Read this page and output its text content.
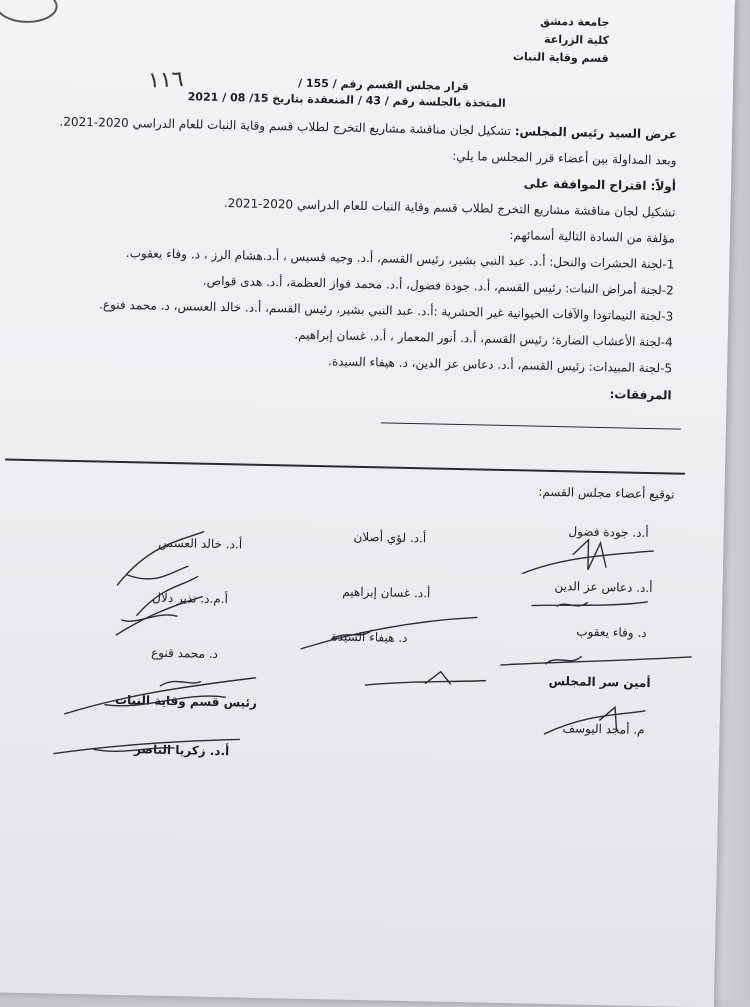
جامعة دمشق
كلية الزراعة
قسم وقاية النبات
قرار مجلس القسم رقم / 155 /
المتخذة بالجلسة رقم / 43 / المنعقدة بتاريخ 15/ 08 / 2021
١١٦
عرض السيد رئيس المجلس: تشكيل لجان مناقشة مشاريع التخرج لطلاب قسم وقاية النبات للعام الدراسي 2020-2021.
وبعد المداولة بين أعضاء قرر المجلس ما يلي:
أولاً: اقتراح الموافقة على
تشكيل لجان مناقشة مشاريع التخرج لطلاب قسم وقاية النبات للعام الدراسي 2020-2021.
مؤلفة من السادة التالية أسمائهم:
1-لجنة الحشرات والنحل: أ.د. عبد النبي بشير، رئيس القسم، أ.د. وجيه قسيس ، أ.د.هشام الرز ، د. وفاء يعقوب.
2-لجنة أمراض النبات: رئيس القسم، أ.د. جودة فضول، أ.د. محمد فواز العظمة، أ.د. هدى قواص.
3-لجنة النيماتودا والآفات الحيوانية غير الحشرية :أ.د. عبد النبي بشير، رئيس القسم، أ.د. خالد العسس، د. محمد فنوع.
4-لجنة الأعشاب الضارة: رئيس القسم، أ.د. أنور المعمار ، أ.د. غسان إبراهيم.
5-لجنة المبيدات: رئيس القسم، أ.د. دعاس عز الدين، د. هيفاء السيدة.
المرفقات:
توقيع أعضاء مجلس القسم:
أ.د. جودة فضول
أ.د. لؤي أصلان
أ.د. خالد العسس
أ.د. دعاس عز الدين
أ.د. غسان إبراهيم
أ.م.د. نذير دلال
د. وفاء يعقوب
د. هيفاء السيدة
د. محمد قنوع
أمين سر المجلس
م. أمجد اليوسف
رئيس قسم وقاية النبات
أ.د. زكريا الناصر
